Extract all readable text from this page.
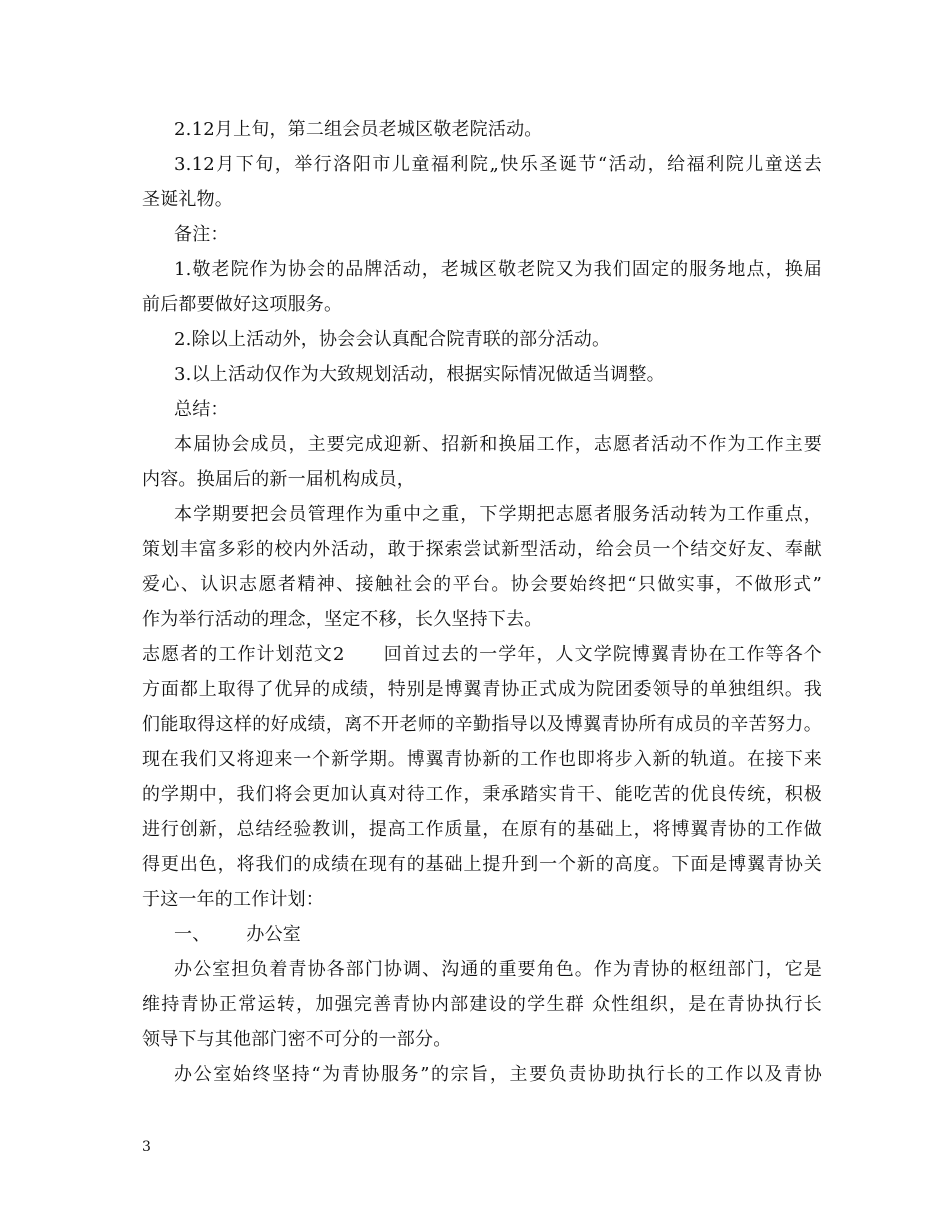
2.12月上旬，第二组会员老城区敬老院活动。
3.12月下旬，举行洛阳市儿童福利院„快乐圣诞节“活动，给福利院儿童送去
圣诞礼物。
备注：
1.敬老院作为协会的品牌活动，老城区敬老院又为我们固定的服务地点，换届
前后都要做好这项服务。
2.除以上活动外，协会会认真配合院青联的部分活动。
3.以上活动仅作为大致规划活动，根据实际情况做适当调整。
总结：
本届协会成员，主要完成迎新、招新和换届工作，志愿者活动不作为工作主要
内容。换届后的新一届机构成员，
本学期要把会员管理作为重中之重，下学期把志愿者服务活动转为工作重点，
策划丰富多彩的校内外活动，敢于探索尝试新型活动，给会员一个结交好友、奉献
爱心、认识志愿者精神、接触社会的平台。协会要始终把“只做实事，不做形式”
作为举行活动的理念，坚定不移，长久坚持下去。
志愿者的工作计划范文2　　回首过去的一学年，人文学院博翼青协在工作等各个
方面都上取得了优异的成绩，特别是博翼青协正式成为院团委领导的单独组织。我
们能取得这样的好成绩，离不开老师的辛勤指导以及博翼青协所有成员的辛苦努力。
现在我们又将迎来一个新学期。博翼青协新的工作也即将步入新的轨道。在接下来
的学期中，我们将会更加认真对待工作，秉承踏实肯干、能吃苦的优良传统，积极
进行创新，总结经验教训，提高工作质量，在原有的基础上，将博翼青协的工作做
得更出色，将我们的成绩在现有的基础上提升到一个新的高度。下面是博翼青协关
于这一年的工作计划：
一、 办公室
办公室担负着青协各部门协调、沟通的重要角色。作为青协的枢纽部门，它是
维持青协正常运转，加强完善青协内部建设的学生群 众性组织，是在青协执行长
领导下与其他部门密不可分的一部分。
办公室始终坚持“为青协服务”的宗旨，主要负责协助执行长的工作以及青协
3
